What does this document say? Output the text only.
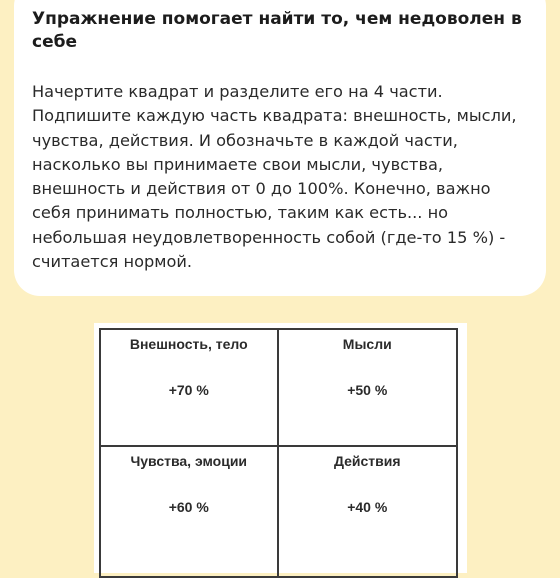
Упражнение помогает найти то, чем недоволен в себе

Начертите квадрат и разделите его на 4 части. Подпишите каждую часть квадрата: внешность, мысли, чувства, действия. И обозначьте в каждой части, насколько вы принимаете свои мысли, чувства, внешность и действия от 0 до 100%. Конечно, важно себя принимать полностью, таким как есть... но небольшая неудовлетворенность собой (где-то 15 %) - считается нормой.

Внешность, тело
+70 %
Мысли
+50 %
Чувства, эмоции
+60 %
Действия
+40 %
